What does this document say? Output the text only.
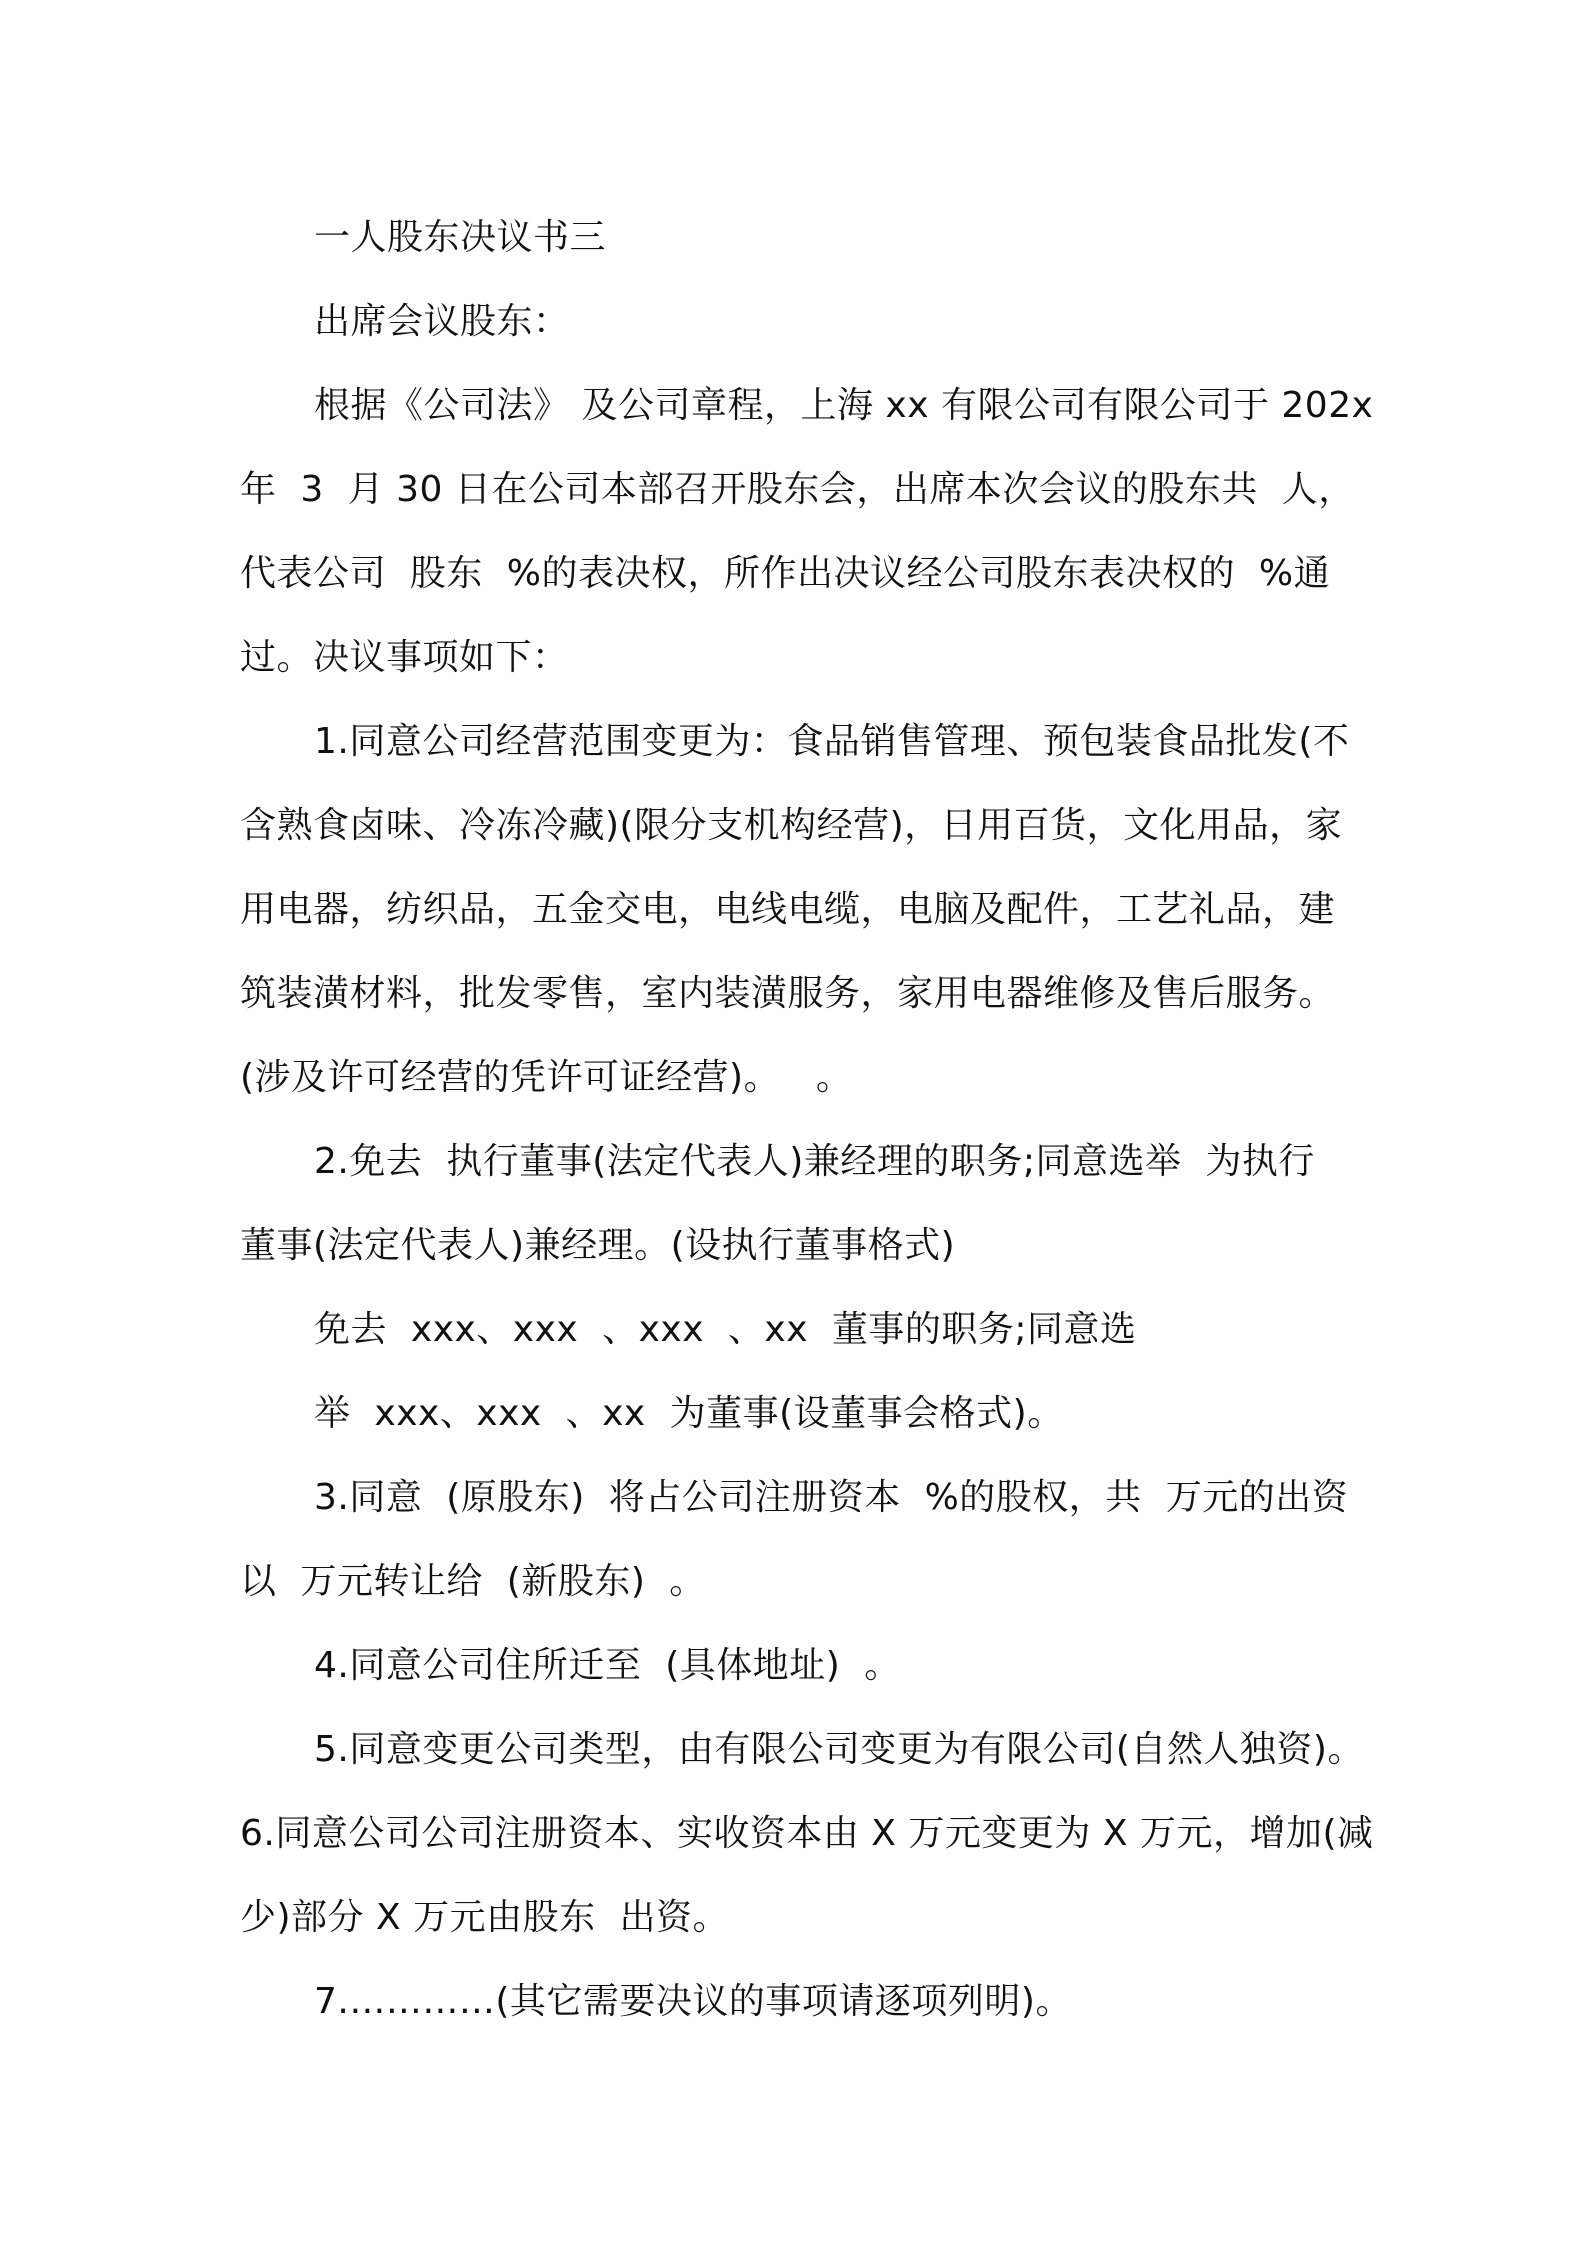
一人股东决议书三
出席会议股东：
根据《公司法》 及公司章程，上海 xx 有限公司有限公司于 202x
年  3  月 30 日在公司本部召开股东会，出席本次会议的股东共  人，
代表公司  股东  %的表决权，所作出决议经公司股东表决权的  %通
过。决议事项如下：
1.同意公司经营范围变更为：食品销售管理、预包装食品批发(不
含熟食卤味、冷冻冷藏)(限分支机构经营)，日用百货，文化用品，家
用电器，纺织品，五金交电，电线电缆，电脑及配件，工艺礼品，建
筑装潢材料，批发零售，室内装潢服务，家用电器维修及售后服务。
(涉及许可经营的凭许可证经营)。   。
2.免去  执行董事(法定代表人)兼经理的职务;同意选举  为执行
董事(法定代表人)兼经理。(设执行董事格式)
免去  xxx、xxx  、xxx  、xx  董事的职务;同意选
举  xxx、xxx  、xx  为董事(设董事会格式)。
3.同意  (原股东)  将占公司注册资本  %的股权，共  万元的出资
以  万元转让给  (新股东)  。
4.同意公司住所迁至  (具体地址)  。
5.同意变更公司类型，由有限公司变更为有限公司(自然人独资)。
6.同意公司公司注册资本、实收资本由 X 万元变更为 X 万元，增加(减
少)部分 X 万元由股东  出资。
7.…………(其它需要决议的事项请逐项列明)。
